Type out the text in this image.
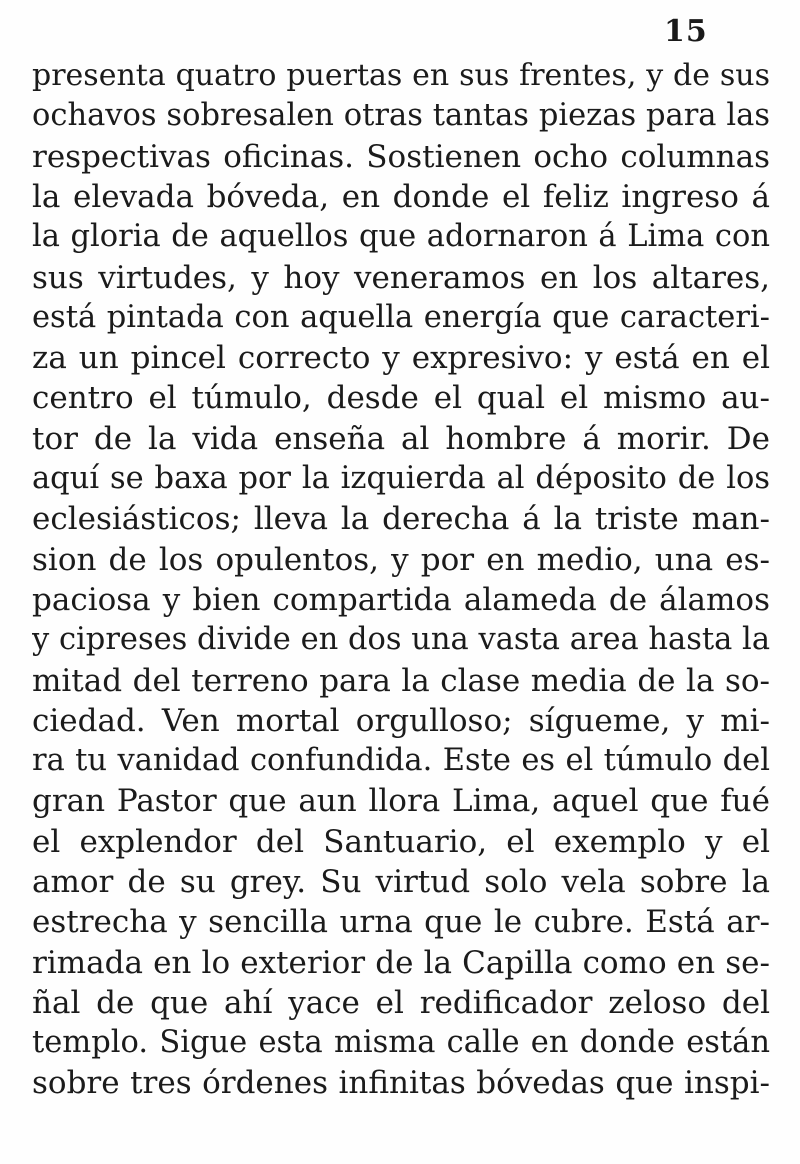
15
presenta quatro puertas en sus frentes, y de sus
ochavos sobresalen otras tantas piezas para las
respectivas oficinas. Sostienen ocho columnas
la elevada bóveda, en donde el feliz ingreso á
la gloria de aquellos que adornaron á Lima con
sus virtudes, y hoy veneramos en los altares,
está pintada con aquella energía que caracteri-
za un pincel correcto y expresivo: y está en el
centro el túmulo, desde el qual el mismo au-
tor de la vida enseña al hombre á morir. De
aquí se baxa por la izquierda al déposito de los
eclesiásticos; lleva la derecha á la triste man-
sion de los opulentos, y por en medio, una es-
paciosa y bien compartida alameda de álamos
y cipreses divide en dos una vasta area hasta la
mitad del terreno para la clase media de la so-
ciedad. Ven mortal orgulloso; sígueme, y mi-
ra tu vanidad confundida. Este es el túmulo del
gran Pastor que aun llora Lima, aquel que fué
el explendor del Santuario, el exemplo y el
amor de su grey. Su virtud solo vela sobre la
estrecha y sencilla urna que le cubre. Está ar-
rimada en lo exterior de la Capilla como en se-
ñal de que ahí yace el redificador zeloso del
templo. Sigue esta misma calle en donde están
sobre tres órdenes infinitas bóvedas que inspi-
